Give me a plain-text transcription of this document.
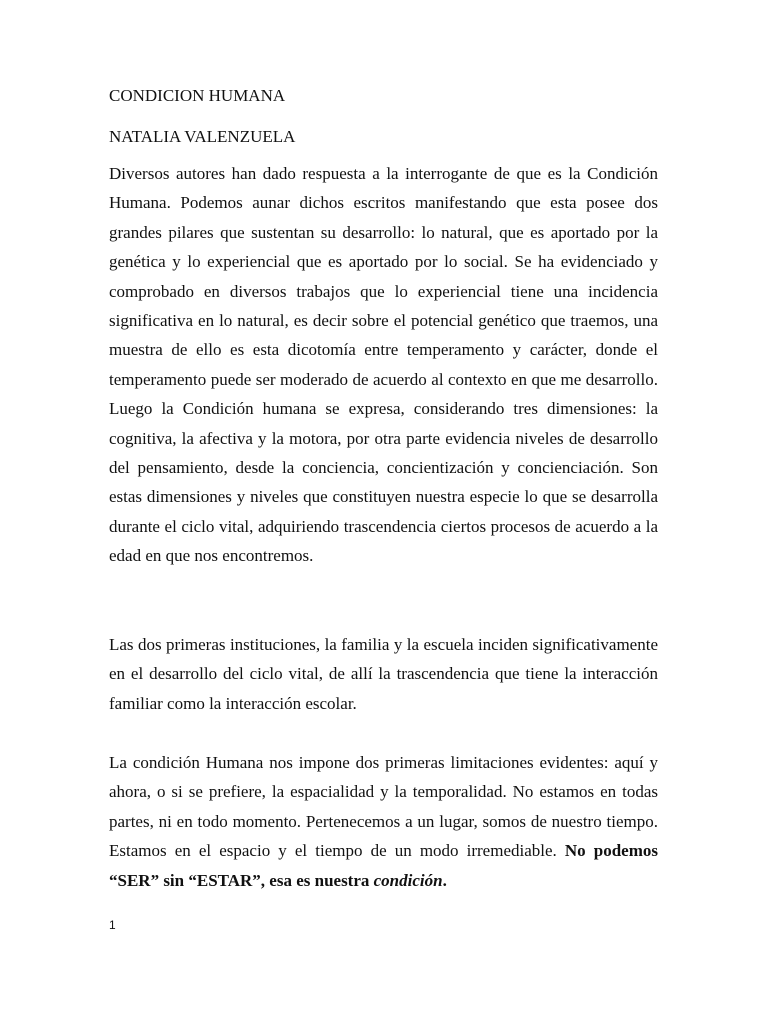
CONDICION HUMANA
NATALIA VALENZUELA

Diversos autores han dado respuesta a la interrogante de que es la Condición Humana. Podemos aunar dichos escritos manifestando que esta posee dos grandes pilares que sustentan su desarrollo: lo natural, que es aportado por la genética y lo experiencial que es aportado por lo social. Se ha evidenciado y comprobado en diversos trabajos que lo experiencial tiene una incidencia significativa en lo natural, es decir sobre el potencial genético que traemos, una muestra de ello es esta dicotomía entre temperamento y carácter, donde el temperamento puede ser moderado de acuerdo al contexto en que me desarrollo. Luego la Condición humana se expresa, considerando tres dimensiones: la cognitiva, la afectiva y la motora, por otra parte evidencia niveles de desarrollo del pensamiento, desde la conciencia, concientización y concienciación. Son estas dimensiones y niveles que constituyen nuestra especie lo que se desarrolla durante el ciclo vital, adquiriendo trascendencia ciertos procesos de acuerdo a la edad en que nos encontremos.

Las dos primeras instituciones, la familia y la escuela inciden significativamente en el desarrollo del ciclo vital, de allí la trascendencia que tiene la interacción familiar como la interacción escolar.

La condición Humana nos impone dos primeras limitaciones evidentes: aquí y ahora, o si se prefiere, la espacialidad y la temporalidad. No estamos en todas partes, ni en todo momento. Pertenecemos a un lugar, somos de nuestro tiempo. Estamos en el espacio y el tiempo de un modo irremediable. No podemos “SER” sin “ESTAR”, esa es nuestra condición.

1
